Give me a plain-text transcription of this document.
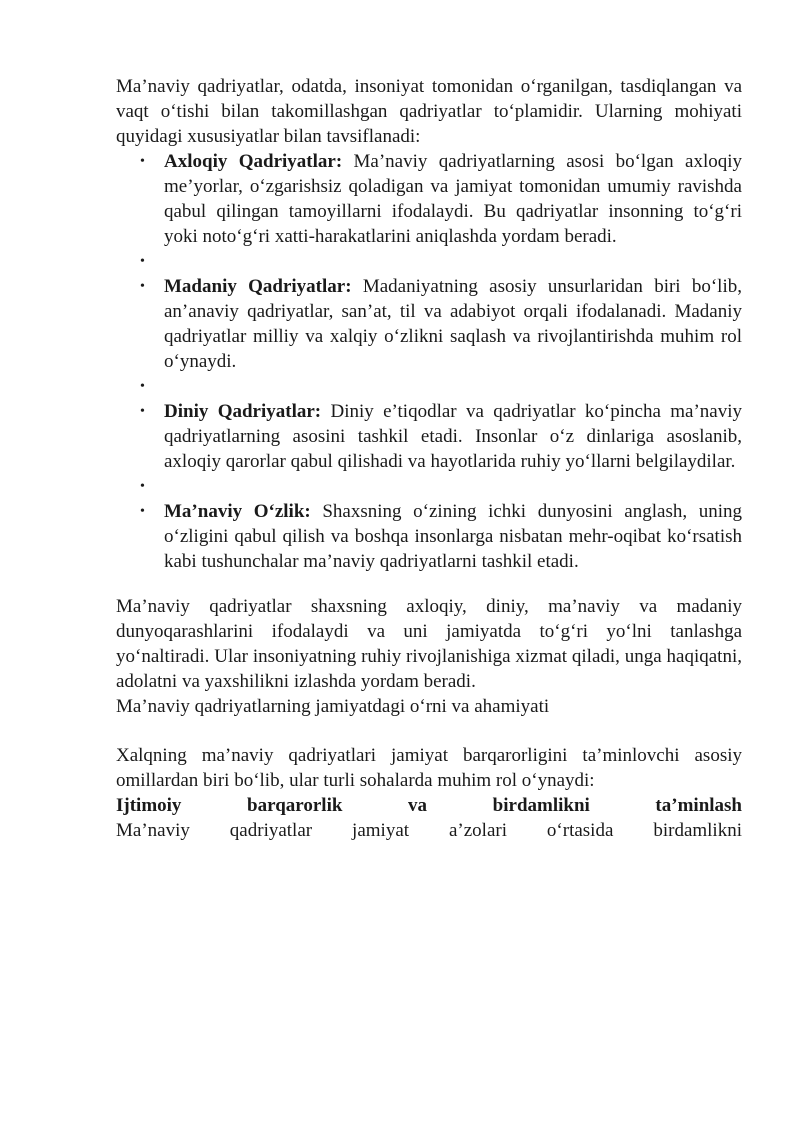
Ma’naviy qadriyatlar, odatda, insoniyat tomonidan o‘rganilgan, tasdiqlangan va vaqt o‘tishi bilan takomillashgan qadriyatlar to‘plamidir. Ularning mohiyati quyidagi xususiyatlar bilan tavsiflanadi:

• Axloqiy Qadriyatlar: Ma’naviy qadriyatlarning asosi bo‘lgan axloqiy me’yorlar, o‘zgarishsiz qoladigan va jamiyat tomonidan umumiy ravishda qabul qilingan tamoyillarni ifodalaydi. Bu qadriyatlar insonning to‘g‘ri yoki noto‘g‘ri xatti-harakatlarini aniqlashda yordam beradi.
•
• Madaniy Qadriyatlar: Madaniyatning asosiy unsurlaridan biri bo‘lib, an’anaviy qadriyatlar, san’at, til va adabiyot orqali ifodalanadi. Madaniy qadriyatlar milliy va xalqiy o‘zlikni saqlash va rivojlantirishda muhim rol o‘ynaydi.
•
• Diniy Qadriyatlar: Diniy e’tiqodlar va qadriyatlar ko‘pincha ma’naviy qadriyatlarning asosini tashkil etadi. Insonlar o‘z dinlariga asoslanib, axloqiy qarorlar qabul qilishadi va hayotlarida ruhiy yo‘llarni belgilaydilar.
•
• Ma’naviy O‘zlik: Shaxsning o‘zining ichki dunyosini anglash, uning o‘zligini qabul qilish va boshqa insonlarga nisbatan mehr-oqibat ko‘rsatish kabi tushunchalar ma’naviy qadriyatlarni tashkil etadi.

Ma’naviy qadriyatlar shaxsning axloqiy, diniy, ma’naviy va madaniy dunyoqarashlarini ifodalaydi va uni jamiyatda to‘g‘ri yo‘lni tanlashga yo‘naltiradi. Ular insoniyatning ruhiy rivojlanishiga xizmat qiladi, unga haqiqatni, adolatni va yaxshilikni izlashda yordam beradi.

Ma’naviy qadriyatlarning jamiyatdagi o‘rni va ahamiyati

Xalqning ma’naviy qadriyatlari jamiyat barqarorligini ta’minlovchi asosiy omillardan biri bo‘lib, ular turli sohalarda muhim rol o‘ynaydi:

Ijtimoiy barqarorlik va birdamlikni ta’minlash

Ma’naviy qadriyatlar jamiyat a’zolari o‘rtasida birdamlikni
